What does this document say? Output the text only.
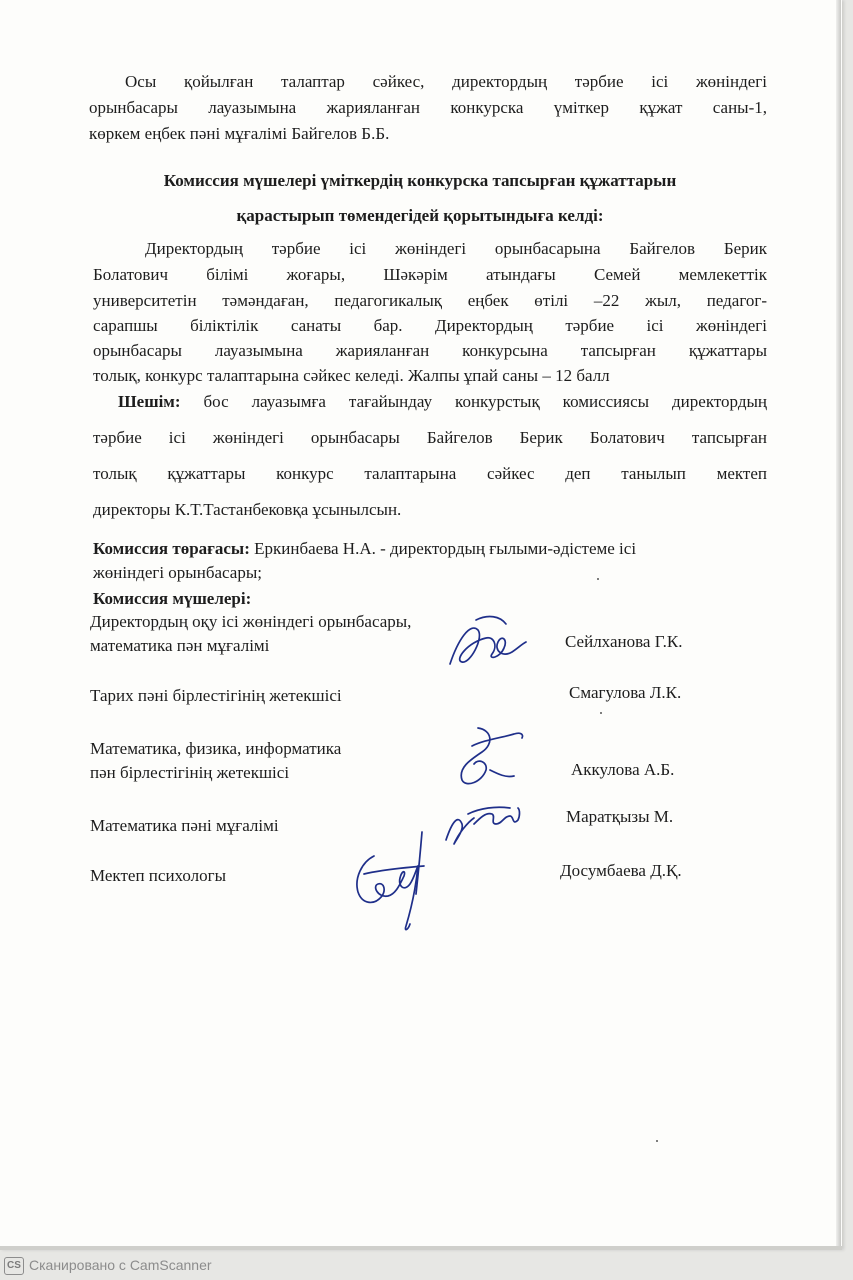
Осы қойылған талаптар сәйкес, директордың тәрбие ісі жөніндегі
орынбасары лауазымына жарияланған конкурска үміткер құжат саны-1,
көркем еңбек пәні мұғалімі Байгелов Б.Б.
Комиссия мүшелері үміткердің конкурска тапсырған құжаттарын
қарастырып төмендегідей қорытындыға келді:
Директордың тәрбие ісі жөніндегі орынбасарына Байгелов Берик
Болатович білімі жоғары, Шәкәрім атындағы Семей мемлекеттік
университетін тәмәндаған, педагогикалық еңбек өтілі –22 жыл, педагог-
сарапшы біліктілік санаты бар. Директордың тәрбие ісі жөніндегі
орынбасары лауазымына жарияланған конкурсына тапсырған құжаттары
толық, конкурс талаптарына сәйкес келеді. Жалпы ұпай саны – 12 балл
Шешім: бос лауазымға тағайындау конкурстық комиссиясы директордың
тәрбие ісі жөніндегі орынбасары Байгелов Берик Болатович тапсырған
толық құжаттары конкурс талаптарына сәйкес деп танылып мектеп
директоры К.Т.Тастанбековқа ұсынылсын.
Комиссия төрағасы: Еркинбаева Н.А. - директордың ғылыми-әдістеме ісі
жөніндегі орынбасары;
Комиссия мүшелері:
Директордың оқу ісі жөніндегі орынбасары,
математика пән мұғалімі	Сейлханова Г.К.
Тарих пәні бірлестігінің жетекшісі	Смагулова Л.К.
Математика, физика, информатика
пән бірлестігінің жетекшісі	Аккулова А.Б.
Математика пәні мұғалімі	Маратқызы М.
Мектеп психологы	Досумбаева Д.Қ.
CS Сканировано с CamScanner
